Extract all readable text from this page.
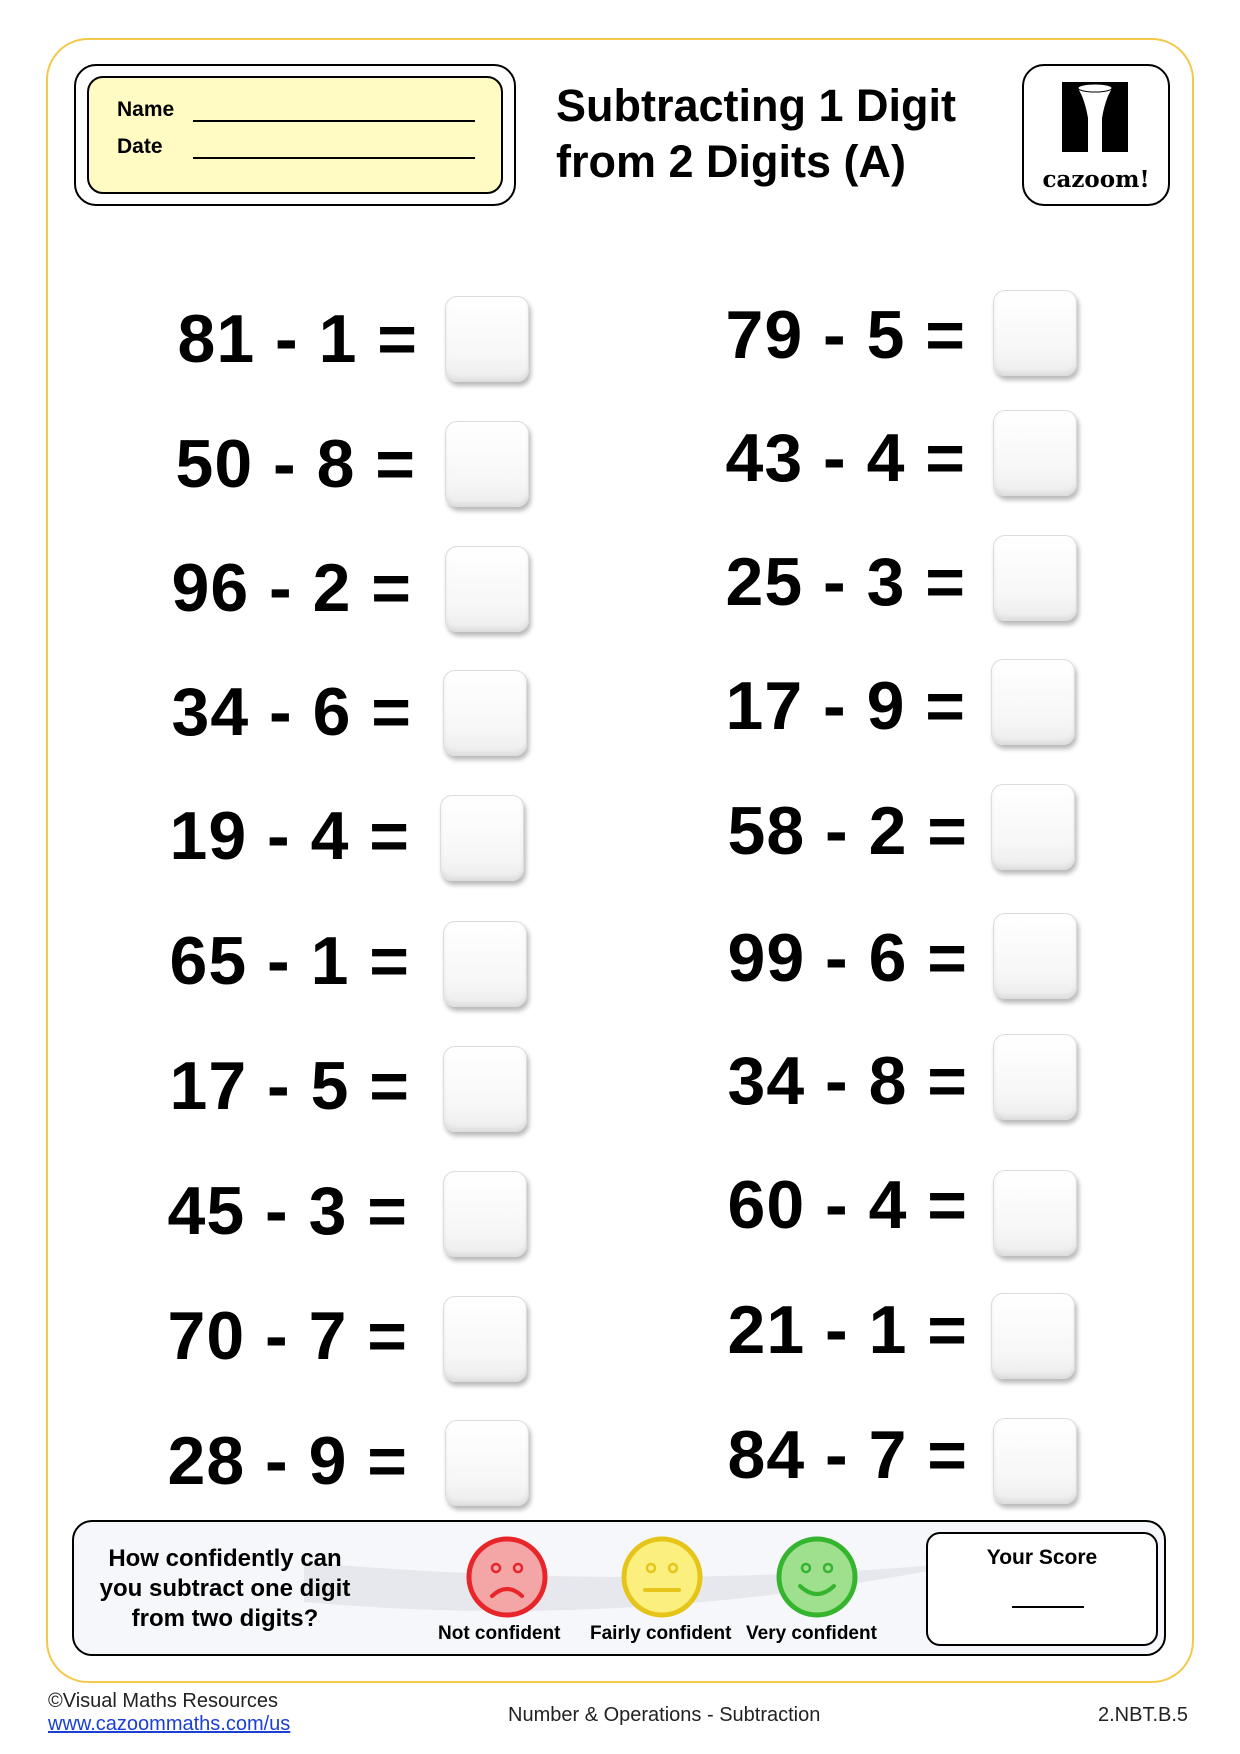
Name
Date
Subtracting 1 Digit
from 2 Digits (A)	cazoom!
81 - 1 =
50 - 8 =
96 - 2 =
34 - 6 =
19 - 4 =
65 - 1 =
17 - 5 =
45 - 3 =
70 - 7 =
28 - 9 =
79 - 5 =
43 - 4 =
25 - 3 =
17 - 9 =
58 - 2 =
99 - 6 =
34 - 8 =
60 - 4 =
21 - 1 =
84 - 7 =
How confidently can you subtract one digit from two digits?
Not confident Fairly confident Very confident
Your Score
©Visual Maths Resources
www.cazoommaths.com/us	Number & Operations - Subtraction	2.NBT.B.5
